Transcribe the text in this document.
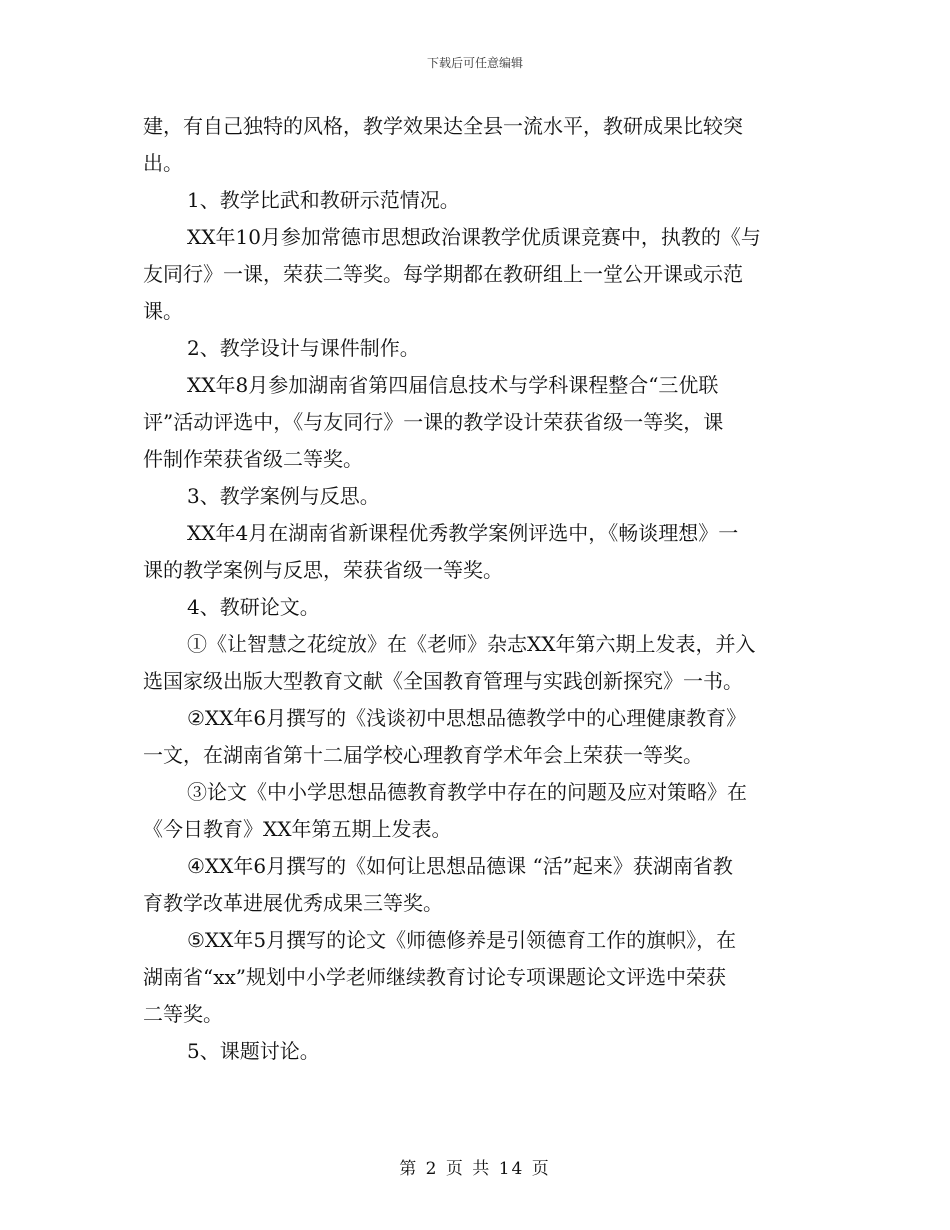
下载后可任意编辑
建，有自己独特的风格，教学效果达全县一流水平，教研成果比较突
出。
1、教学比武和教研示范情况。
XX年10月参加常德市思想政治课教学优质课竞赛中，执教的《与
友同行》一课，荣获二等奖。每学期都在教研组上一堂公开课或示范
课。
2、教学设计与课件制作。
XX年8月参加湖南省第四届信息技术与学科课程整合“三优联
评”活动评选中，《与友同行》一课的教学设计荣获省级一等奖，课
件制作荣获省级二等奖。
3、教学案例与反思。
XX年4月在湖南省新课程优秀教学案例评选中，《畅谈理想》一
课的教学案例与反思，荣获省级一等奖。
4、教研论文。
①《让智慧之花绽放》在《老师》杂志XX年第六期上发表，并入
选国家级出版大型教育文献《全国教育管理与实践创新探究》一书。
②XX年6月撰写的《浅谈初中思想品德教学中的心理健康教育》
一文，在湖南省第十二届学校心理教育学术年会上荣获一等奖。
③论文《中小学思想品德教育教学中存在的问题及应对策略》在
《今日教育》XX年第五期上发表。
④XX年6月撰写的《如何让思想品德课 “活”起来》获湖南省教
育教学改革进展优秀成果三等奖。
⑤XX年5月撰写的论文《师德修养是引领德育工作的旗帜》，在
湖南省“xx”规划中小学老师继续教育讨论专项课题论文评选中荣获
二等奖。
5、课题讨论。
第 2 页 共 14 页
